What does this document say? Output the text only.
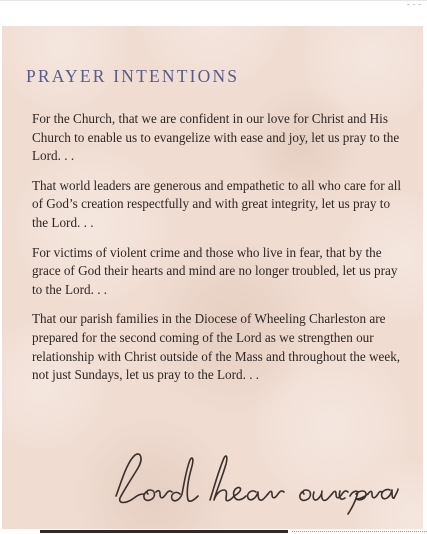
PRAYER INTENTIONS

For the Church, that we are confident in our love for Christ and His Church to enable us to evangelize with ease and joy, let us pray to the Lord. . .

That world leaders are generous and empathetic to all who care for all of God’s creation respectfully and with great integrity, let us pray to the Lord. . .

For victims of violent crime and those who live in fear, that by the grace of God their hearts and mind are no longer troubled, let us pray to the Lord. . .

That our parish families in the Diocese of Wheeling Charleston are prepared for the second coming of the Lord as we strengthen our relationship with Christ outside of the Mass and throughout the week, not just Sundays, let us pray to the Lord. . .
